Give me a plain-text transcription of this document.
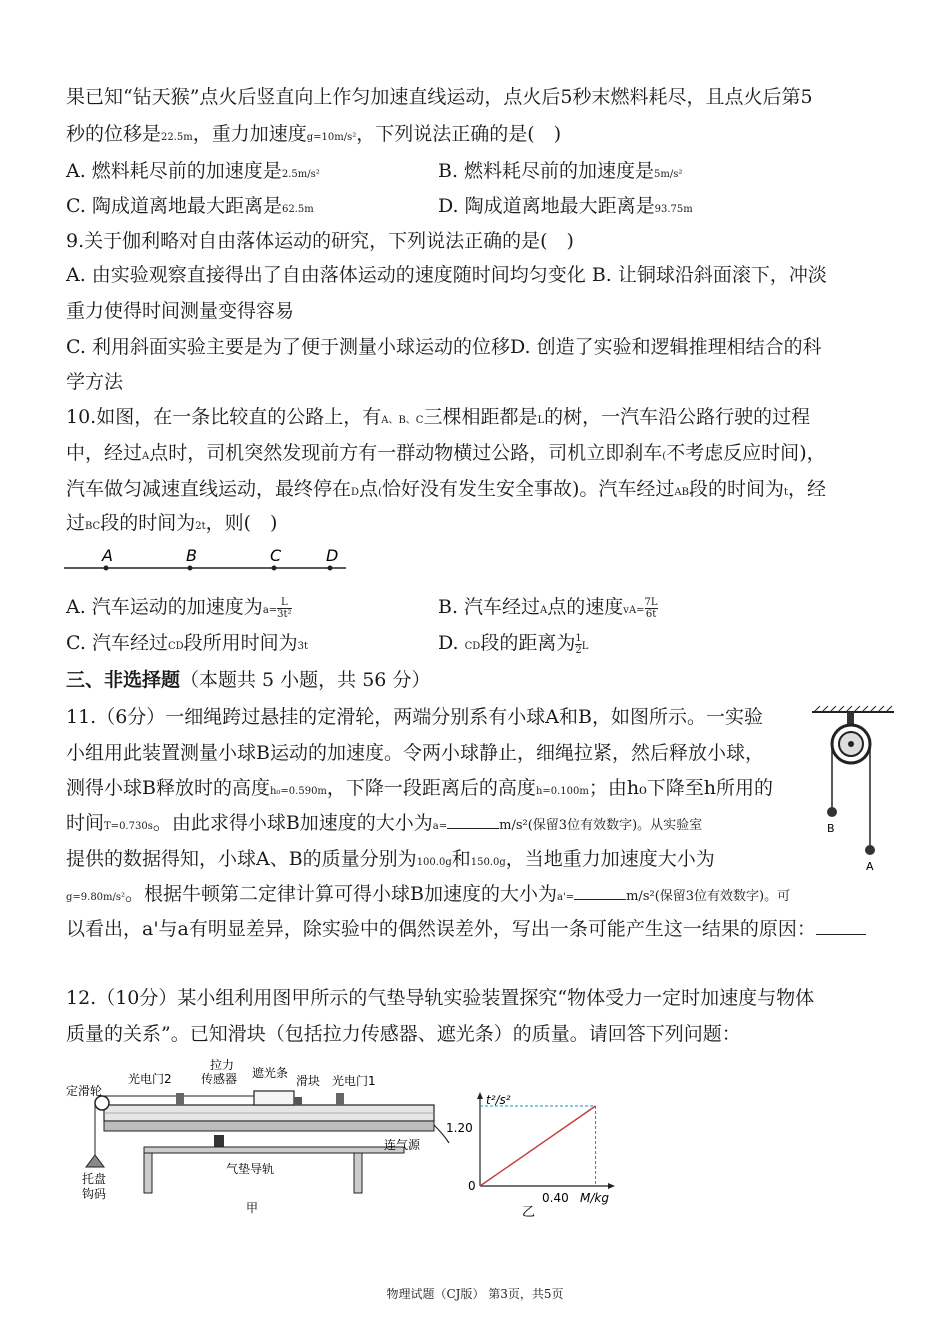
果已知“钻天猴”点火后竖直向上作匀加速直线运动，点火后5秒末燃料耗尽，且点火后第5
秒的位移是22.5m，重力加速度g=10m/s²，下列说法正确的是(　)
A. 燃料耗尽前的加速度是2.5m/s²	B. 燃料耗尽前的加速度是5m/s²
C. 陶成道离地最大距离是62.5m	D. 陶成道离地最大距离是93.75m
9.关于伽利略对自由落体运动的研究，下列说法正确的是(　)
A. 由实验观察直接得出了自由落体运动的速度随时间均匀变化 B. 让铜球沿斜面滚下，冲淡
重力使得时间测量变得容易
C. 利用斜面实验主要是为了便于测量小球运动的位移D. 创造了实验和逻辑推理相结合的科
学方法
10.如图，在一条比较直的公路上，有A、B、C三棵相距都是L的树，一汽车沿公路行驶的过程
中，经过A点时，司机突然发现前方有一群动物横过公路，司机立即刹车(不考虑反应时间)，
汽车做匀减速直线运动，最终停在D点(恰好没有发生安全事故)。汽车经过AB段的时间为t，经
过BC段的时间为2t，则(　)
A	B	C	D
A. 汽车运动的加速度为$a= \frac{L}{\text{3t²}}$	B. 汽车经过A点的速度$vA= \frac{7L}{6t}$
C. 汽车经过CD段所用时间为3t	D. CD段的距离为 $\frac{1}{2}$ L
三、非选择题（本题共 5 小题，共 56 分）
11.（6分）一细绳跨过悬挂的定滑轮，两端分别系有小球A和B，如图所示。一实验
小组用此装置测量小球B运动的加速度。令两小球静止，细绳拉紧，然后释放小球，
测得小球B释放时的高度h₀=0.590m，下降一段距离后的高度h=0.100m；由h₀下降至h所用的
时间T=0.730s。由此求得小球B加速度的大小为a=	m/s²(保留3位有效数字)。从实验室
提供的数据得知，小球A、B的质量分别为100.0g和150.0g，当地重力加速度大小为
g=9.80m/s²。根据牛顿第二定律计算可得小球B加速度的大小为a'=	m/s²(保留3位有效数字)。可
以看出，a'与a有明显差异，除实验中的偶然误差外，写出一条可能产生这一结果的原因：
B
A
12.（10分）某小组利用图甲所示的气垫导轨实验装置探究“物体受力一定时加速度与物体
质量的关系”。已知滑块（包括拉力传感器、遮光条）的质量。请回答下列问题：
定滑轮
光电门2
拉力
传感器 遮光条
滑块 光电门1
连气源
气垫导轨
托盘
钩码
甲
t²/s²
M/kg
1.20
0.40
0
乙
物理试题（CJ版） 第3页，共5页
